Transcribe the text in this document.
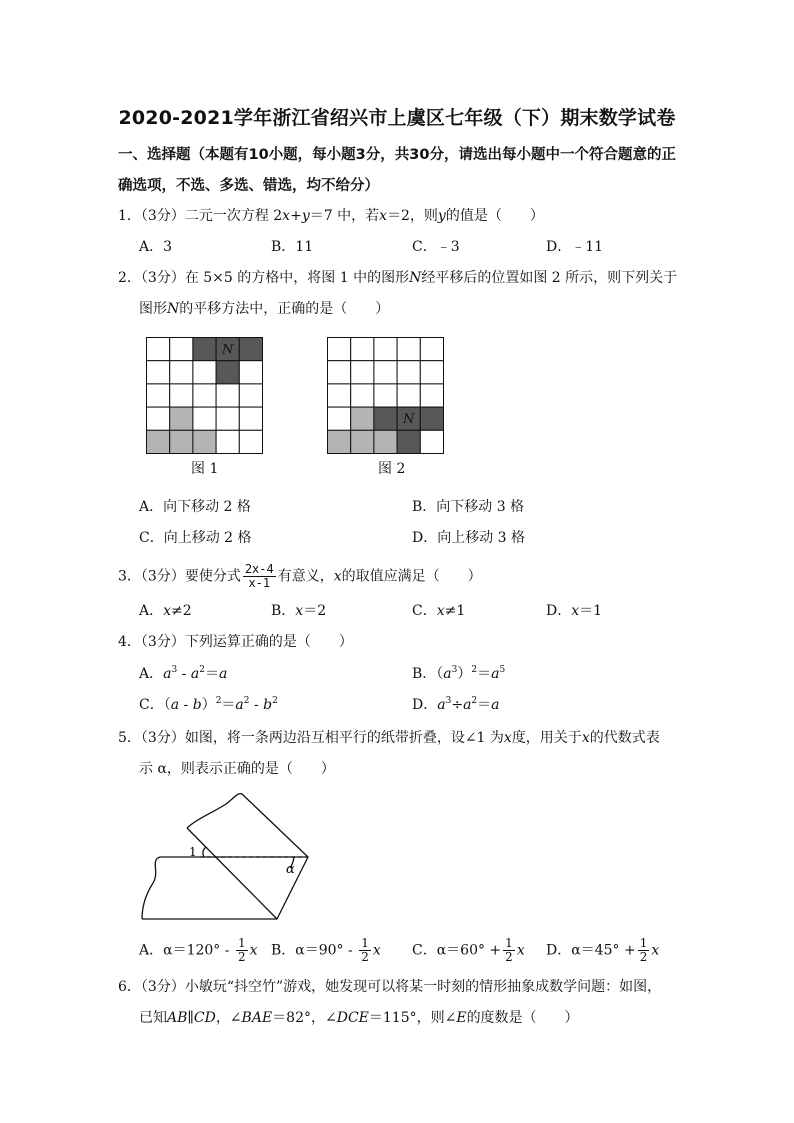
2020-2021学年浙江省绍兴市上虞区七年级（下）期末数学试卷
一、选择题（本题有10小题，每小题3分，共30分，请选出每小题中一个符合题意的正
确选项，不选、多选、错选，均不给分）
1．（3分）二元一次方程 2x+y＝7 中，若x＝2，则y的值是（　　）
A．3	B．11	C．﹣3	D．﹣11
2．（3分）在 5×5 的方格中，将图 1 中的图形N经平移后的位置如图 2 所示，则下列关于
图形N的平移方法中，正确的是（　　）
N
N
图 1	图 2
A．向下移动 2 格	B．向下移动 3 格
C．向上移动 2 格	D．向上移动 3 格
3．（3分）要使分式 $\frac{2x-4}{x-1}$ 有意义，x的取值应满足（　　）
A．x≠2	B．x＝2	C．x≠1	D．x＝1
4．（3分）下列运算正确的是（　　）
A．$a^3 - a^2=a$	B．$(a^3)^2=a^5$
C．$(a - b)^2=a^2 - b^2$	D．$a^3\div a^2=a$
5．（3分）如图，将一条两边沿互相平行的纸带折叠，设∠1 为x度，用关于x的代数式表
示 α，则表示正确的是（　　）
1
α
A．$\alpha=120^\circ - \frac{1}{2}$ x B．$\alpha=90^\circ - \frac{1}{2}$ x C．$\alpha=60^\circ + \frac{1}{2}$ x D．$\alpha=45^\circ + \frac{1}{2}$ x
6．（3分）小敏玩“抖空竹”游戏，她发现可以将某一时刻的情形抽象成数学问题：如图，
已知AB∥CD，∠BAE＝82°，∠DCE＝115°，则∠E的度数是（　　）
